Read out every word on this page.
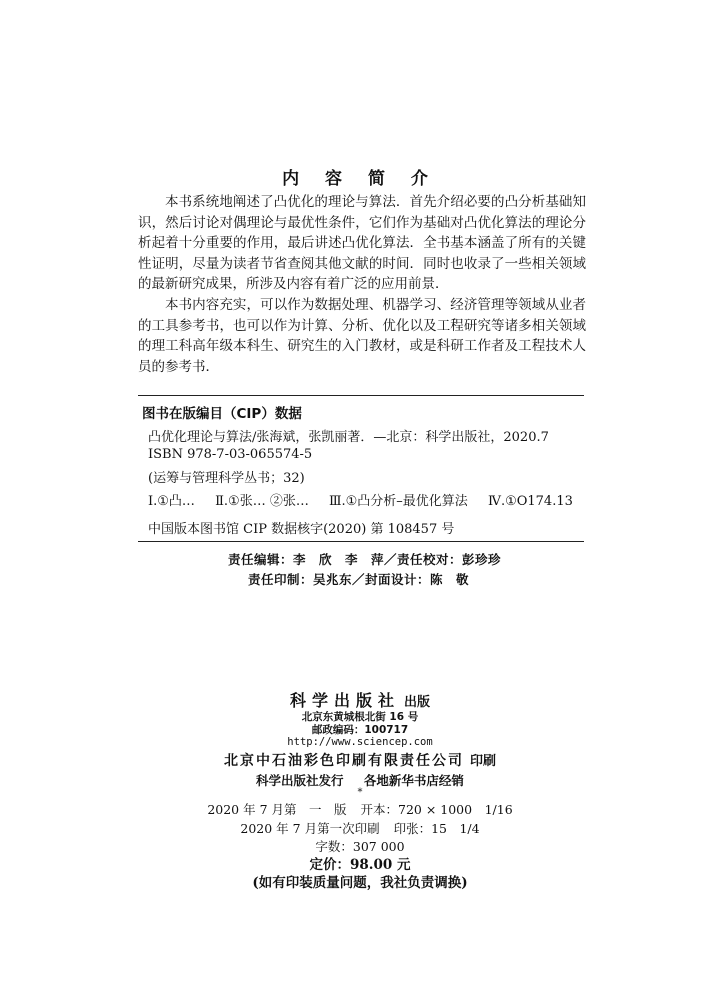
内 容 简 介

本书系统地阐述了凸优化的理论与算法．首先介绍必要的凸分析基础知识，然后讨论对偶理论与最优性条件，它们作为基础对凸优化算法的理论分析起着十分重要的作用，最后讲述凸优化算法．全书基本涵盖了所有的关键性证明，尽量为读者节省查阅其他文献的时间．同时也收录了一些相关领域的最新研究成果，所涉及内容有着广泛的应用前景．

本书内容充实，可以作为数据处理、机器学习、经济管理等领域从业者的工具参考书，也可以作为计算、分析、优化以及工程研究等诸多相关领域的理工科高年级本科生、研究生的入门教材，或是科研工作者及工程技术人员的参考书．

图书在版编目（CIP）数据
凸优化理论与算法/张海斌，张凯丽著．—北京：科学出版社，2020.7
ISBN 978-7-03-065574-5
(运筹与管理科学丛书；32)
Ⅰ.①凸… Ⅱ.①张… ②张… Ⅲ.①凸分析–最优化算法 Ⅳ.①O174.13
中国版本图书馆 CIP 数据核字(2020) 第 108457 号
责任编辑：李　欣　李　萍／责任校对：彭珍珍
责任印制：吴兆东／封面设计：陈　敬
科学出版社 出版
北京东黄城根北街 16 号
邮政编码：100717
http://www.sciencep.com
北京中石油彩色印刷有限责任公司 印刷
科学出版社发行 各地新华书店经销
*
2020 年 7 月第　一　版 开本：720 × 1000　1/16
2020 年 7 月第一次印刷 印张：15　1/4
字数：307 000
定价：98.00 元
(如有印装质量问题，我社负责调换)
